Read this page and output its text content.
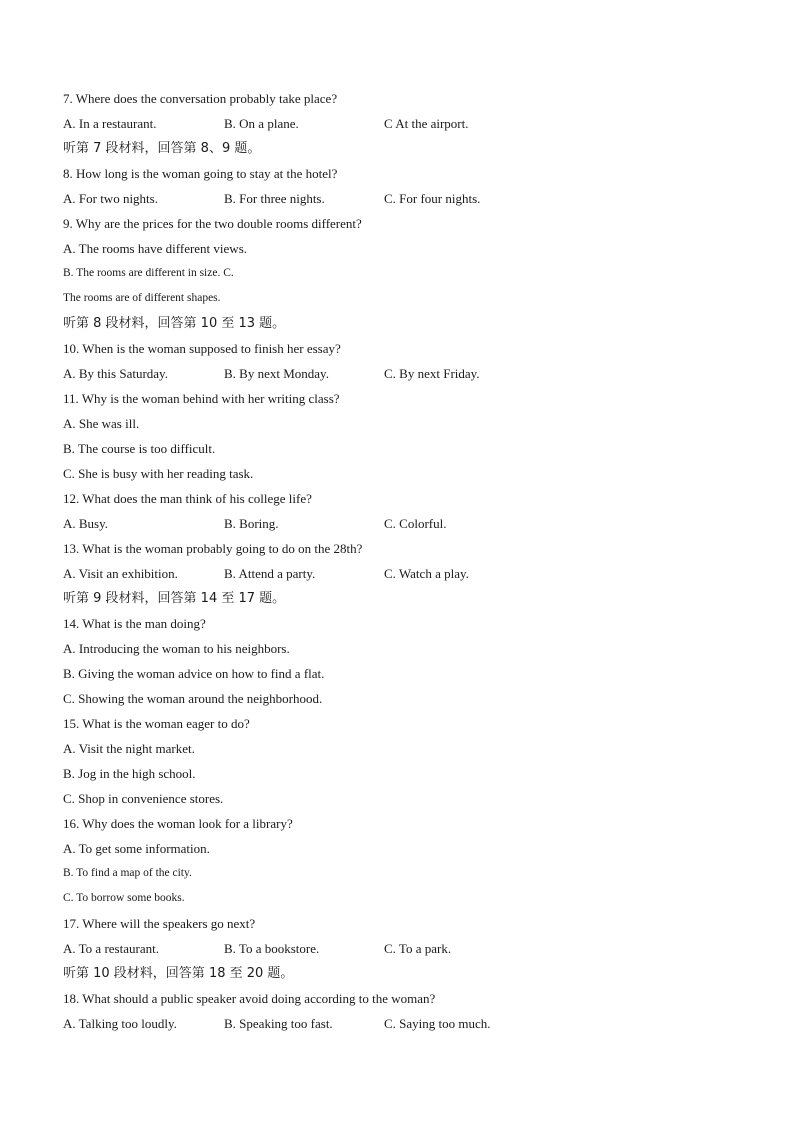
7. Where does the conversation probably take place?
A. In a restaurant.	B. On a plane.	C At the airport.
听第 7 段材料，回答第 8、9 题。
8. How long is the woman going to stay at the hotel?
A. For two nights.	B. For three nights.	C. For four nights.
9. Why are the prices for the two double rooms different?
A. The rooms have different views.
B. The rooms are different in size. C.
The rooms are of different shapes.
听第 8 段材料，回答第 10 至 13 题。
10. When is the woman supposed to finish her essay?
A. By this Saturday.	B. By next Monday.	C. By next Friday.
11. Why is the woman behind with her writing class?
A. She was ill.
B. The course is too difficult.
C. She is busy with her reading task.
12. What does the man think of his college life?
A. Busy.	B. Boring.	C. Colorful.
13. What is the woman probably going to do on the 28th?
A. Visit an exhibition.	B. Attend a party.	C. Watch a play.
听第 9 段材料，回答第 14 至 17 题。
14. What is the man doing?
A. Introducing the woman to his neighbors.
B. Giving the woman advice on how to find a flat.
C. Showing the woman around the neighborhood.
15. What is the woman eager to do?
A. Visit the night market.
B. Jog in the high school.
C. Shop in convenience stores.
16. Why does the woman look for a library?
A. To get some information.
B. To find a map of the city.
C. To borrow some books.
17. Where will the speakers go next?
A. To a restaurant.	B. To a bookstore.	C. To a park.
听第 10 段材料，回答第 18 至 20 题。
18. What should a public speaker avoid doing according to the woman?
A. Talking too loudly.	B. Speaking too fast.	C. Saying too much.
